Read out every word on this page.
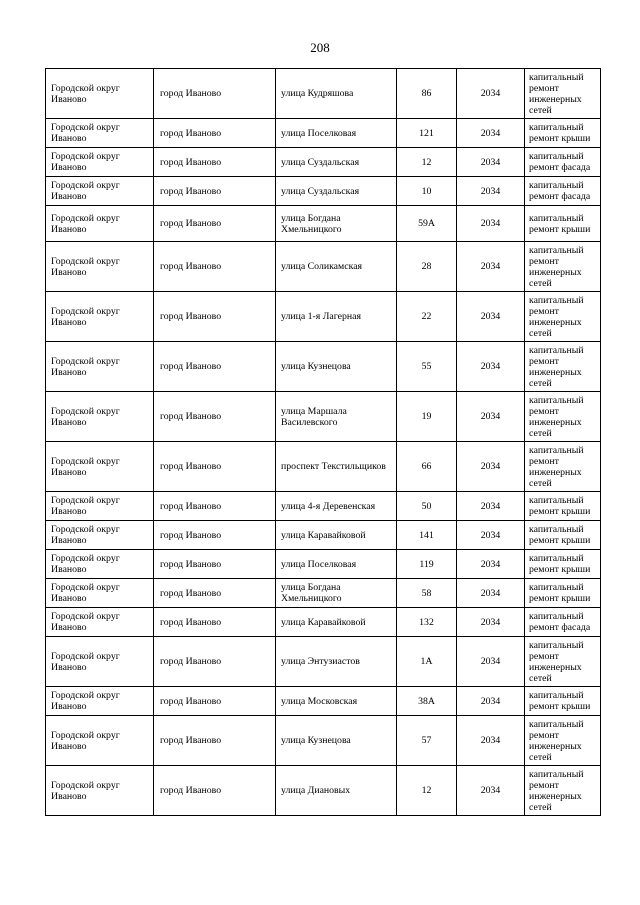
208
Городской округ Иваново	город Иваново	улица Кудряшова	86	2034	капитальный ремонт инженерных сетей
Городской округ Иваново	город Иваново	улица Поселковая	121	2034	капитальный ремонт крыши
Городской округ Иваново	город Иваново	улица Суздальская	12	2034	капитальный ремонт фасада
Городской округ Иваново	город Иваново	улица Суздальская	10	2034	капитальный ремонт фасада
Городской округ Иваново	город Иваново	улица Богдана Хмельницкого	59А	2034	капитальный ремонт крыши
Городской округ Иваново	город Иваново	улица Соликамская	28	2034	капитальный ремонт инженерных сетей
Городской округ Иваново	город Иваново	улица 1-я Лагерная	22	2034	капитальный ремонт инженерных сетей
Городской округ Иваново	город Иваново	улица Кузнецова	55	2034	капитальный ремонт инженерных сетей
Городской округ Иваново	город Иваново	улица Маршала Василевского	19	2034	капитальный ремонт инженерных сетей
Городской округ Иваново	город Иваново	проспект Текстильщиков	66	2034	капитальный ремонт инженерных сетей
Городской округ Иваново	город Иваново	улица 4-я Деревенская	50	2034	капитальный ремонт крыши
Городской округ Иваново	город Иваново	улица Каравайковой	141	2034	капитальный ремонт крыши
Городской округ Иваново	город Иваново	улица Поселковая	119	2034	капитальный ремонт крыши
Городской округ Иваново	город Иваново	улица Богдана Хмельницкого	58	2034	капитальный ремонт крыши
Городской округ Иваново	город Иваново	улица Каравайковой	132	2034	капитальный ремонт фасада
Городской округ Иваново	город Иваново	улица Энтузиастов	1А	2034	капитальный ремонт инженерных сетей
Городской округ Иваново	город Иваново	улица Московская	38А	2034	капитальный ремонт крыши
Городской округ Иваново	город Иваново	улица Кузнецова	57	2034	капитальный ремонт инженерных сетей
Городской округ Иваново	город Иваново	улица Диановых	12	2034	капитальный ремонт инженерных сетей
